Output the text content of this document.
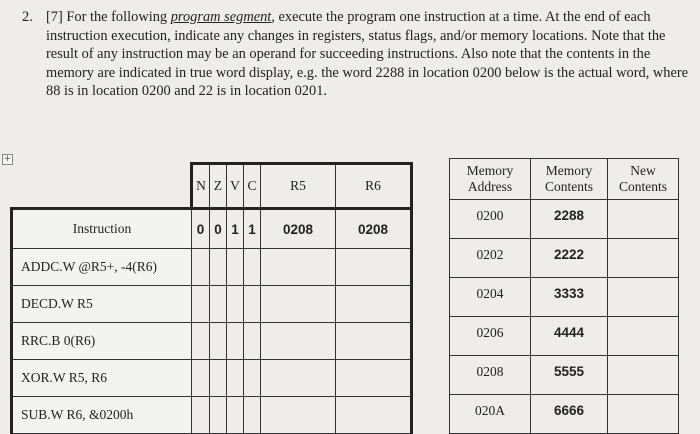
2. [7] For the following program segment, execute the program one instruction at a time. At the end of each instruction execution, indicate any changes in registers, status flags, and/or memory locations. Note that the result of any instruction may be an operand for succeeding instructions. Also note that the contents in the memory are indicated in true word display, e.g. the word 2288 in location 0200 below is the actual word, where 88 is in location 0200 and 22 is in location 0201.
+
	N	Z	V	C	R5	R6
Instruction	0	0	1	1	0208	0208
ADDC.W @R5+, -4(R6)						
DECD.W R5						
RRC.B 0(R6)						
XOR.W R5, R6						
SUB.W R6, &0200h						
Memory Address	Memory Contents	New Contents
0200	2288	
0202	2222	
0204	3333	
0206	4444	
0208	5555	
020A	6666	
